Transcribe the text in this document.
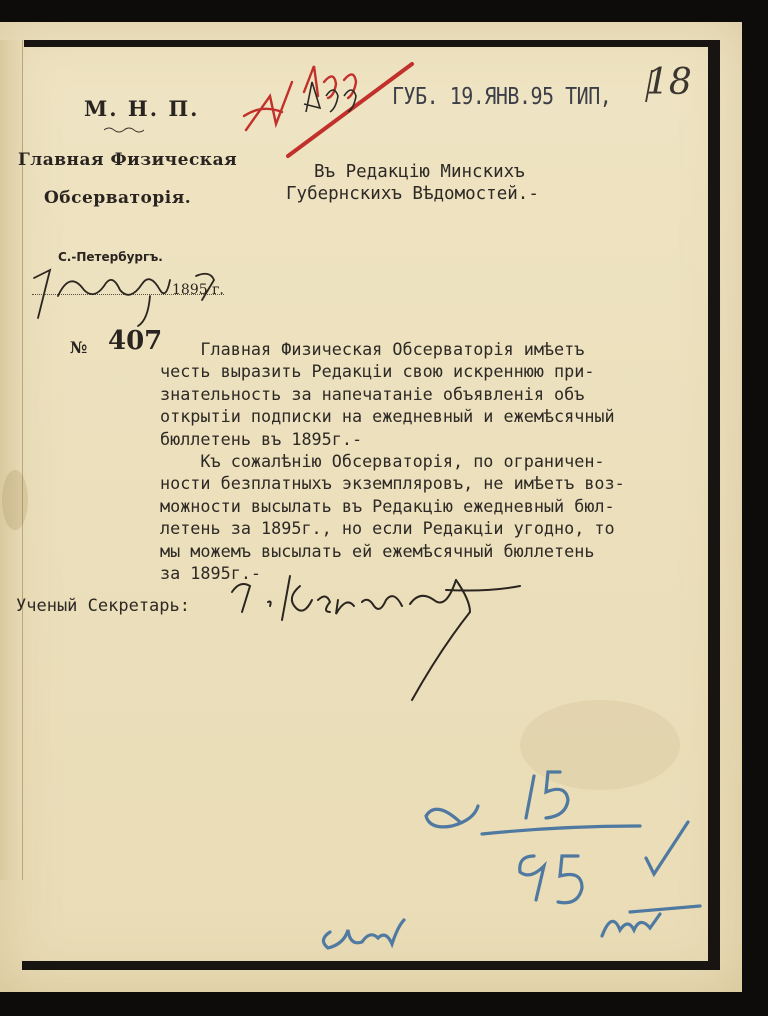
М. Н. П.
Главная Физическая
Обсерваторія.
С.-Петербургъ.
1895 г.
№ 407
ГУБ. 19.ЯНВ.95 ТИП, 18
Въ Редакцію Минскихъ
Губернскихъ Вѣдомостей.-
Главная Физическая Обсерваторія имѣетъ
честь выразить Редакціи свою искреннюю при-
знательность за напечатаніе объявленія объ
открытіи подписки на ежедневный и ежемѣсячный
бюллетень въ 1895г.-
Къ сожалѣнію Обсерваторія, по ограничен-
ности безплатныхъ экземпляровъ, не имѣетъ воз-
можности высылать въ Редакцію ежедневный бюл-
летень за 1895г., но если Редакціи угодно, то
мы можемъ высылать ей ежемѣсячный бюллетень
за 1895г.-
Ученый Секретарь:
